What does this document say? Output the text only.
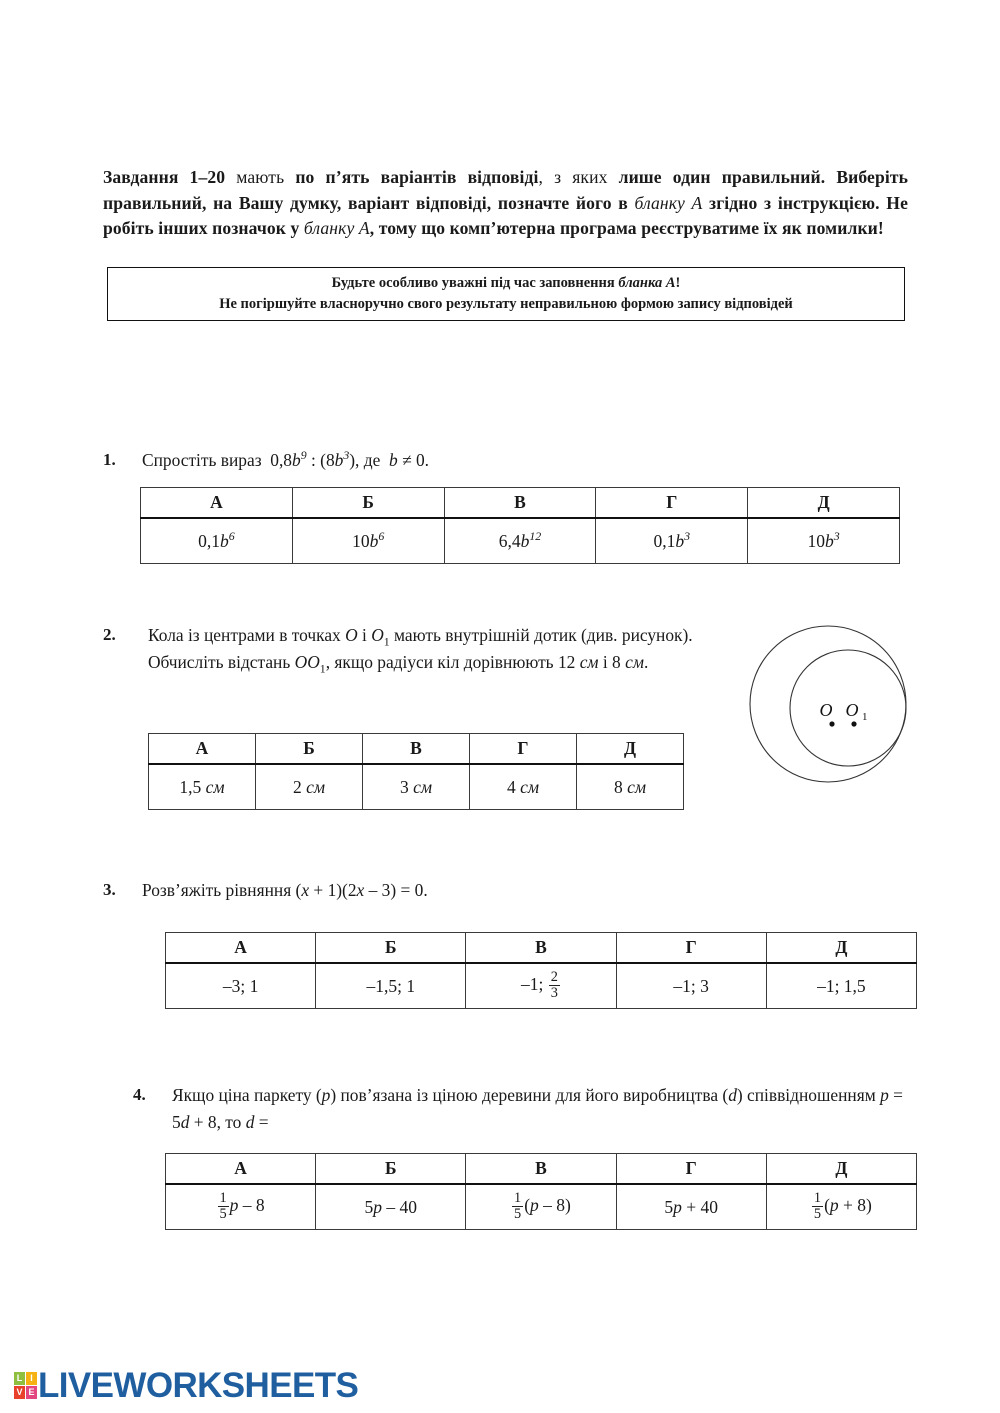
Завдання 1–20 мають по п’ять варіантів відповіді, з яких лише один правильний. Виберіть правильний, на Вашу думку, варіант відповіді, позначте його в бланку А згідно з інструкцією. Не робіть інших позначок у бланку А, тому що комп’ютерна програма реєструватиме їх як помилки!
Будьте особливо уважні під час заповнення бланка А!
Не погіршуйте власноручно свого результату неправильною формою запису відповідей
1. Спростіть вираз  $0,8b^9$ : $(8b^3)$, де  b ≠ 0.
А	Б	В	Г	Д
$0,1b^6$	$10b^6$	$6,4b^{12}$	$0,1b^3$	$10b^3$
2. Кола із центрами в точках O і $O_1$ мають внутрішній дотик (див. рисунок). Обчисліть відстань $OO_1$, якщо радіуси кіл дорівнюють 12 см і 8 см.
O O 1
А	Б	В	Г	Д
1,5 см	2 см	3 см	4 см	8 см
3. Розв’яжіть рівняння (x + 1)(2x – 3) = 0.
А	Б	В	Г	Д
–3; 1	–1,5; 1	–1; $\frac{2}{3}$	–1; 3	–1; 1,5
4. Якщо ціна паркету (p) пов’язана із ціною деревини для його виробництва (d) співвідношенням p = 5d + 8, то d =
А	Б	В	Г	Д

$\frac{1}{5}$ p – 8	5p – 40	$\frac{1}{5} (p - 8)$	5p + 40	$\frac{1}{5} (p + 8)$
L I
V E LIVEWORKSHEETS
